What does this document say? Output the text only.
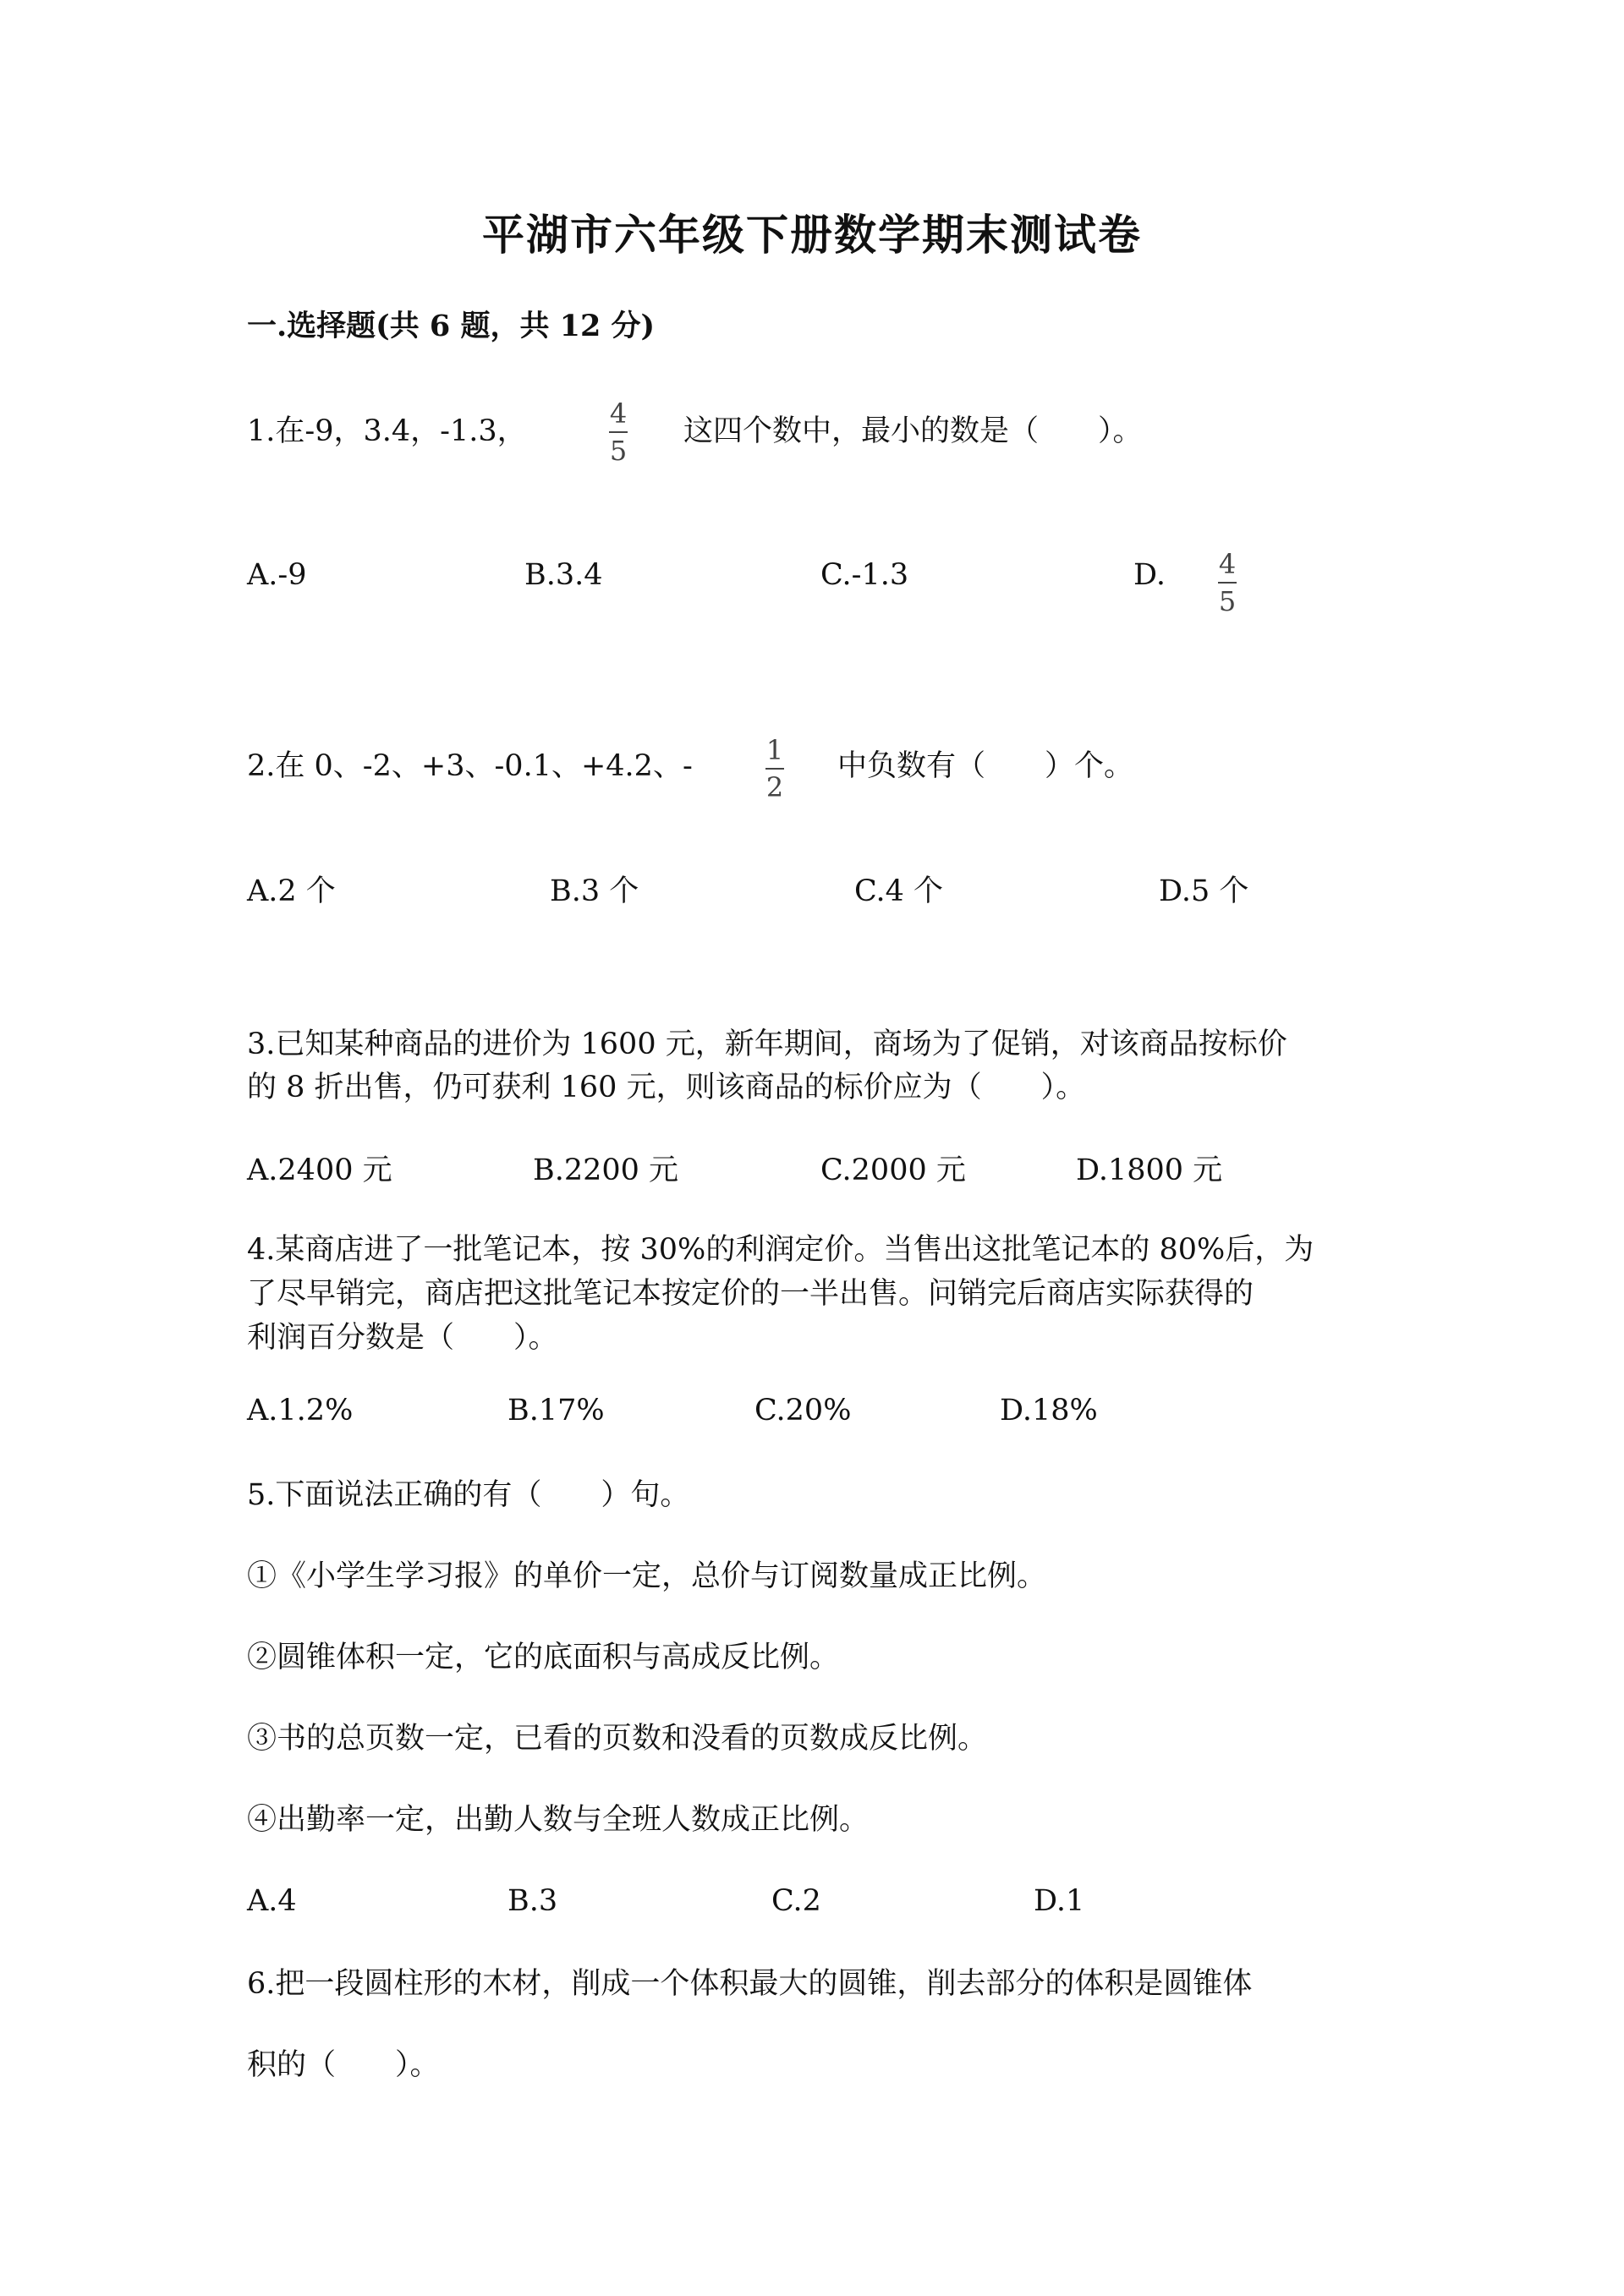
平湖市六年级下册数学期末测试卷
一.选择题(共 6 题，共 12 分)
1.在-9，3.4，-1.3，
4
5
这四个数中，最小的数是（　　）。
A.-9	B.3.4	C.-1.3	D. 4
5
2.在 0、-2、+3、-0.1、+4.2、-	1
2
中负数有（　　）个。
A.2 个	B.3 个	C.4 个	D.5 个
3.已知某种商品的进价为 1600 元，新年期间，商场为了促销，对该商品按标价
的 8 折出售，仍可获利 160 元，则该商品的标价应为（　　）。
A.2400 元	B.2200 元	C.2000 元	D.1800 元
4.某商店进了一批笔记本，按 30%的利润定价。当售出这批笔记本的 80%后，为
了尽早销完，商店把这批笔记本按定价的一半出售。问销完后商店实际获得的
利润百分数是（　　）。
A.1.2%	B.17%	C.20%	D.18%
5.下面说法正确的有（　　）句。
①《小学生学习报》的单价一定，总价与订阅数量成正比例。
②圆锥体积一定，它的底面积与高成反比例。
③书的总页数一定，已看的页数和没看的页数成反比例。
④出勤率一定，出勤人数与全班人数成正比例。
A.4	B.3	C.2	D.1
6.把一段圆柱形的木材，削成一个体积最大的圆锥，削去部分的体积是圆锥体
积的（　　）。
